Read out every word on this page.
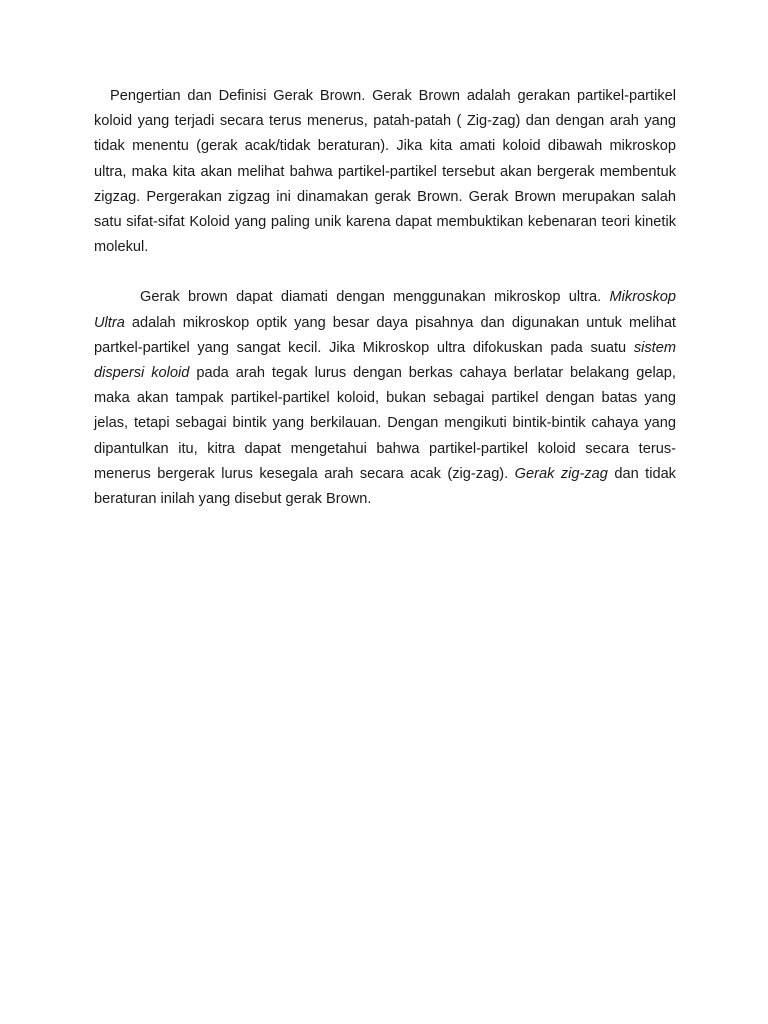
Pengertian dan Definisi Gerak Brown. Gerak Brown adalah gerakan partikel-partikel koloid yang terjadi secara terus menerus, patah-patah ( Zig-zag) dan dengan arah yang tidak menentu (gerak acak/tidak beraturan). Jika kita amati koloid dibawah mikroskop ultra, maka kita akan melihat bahwa partikel-partikel tersebut akan bergerak membentuk zigzag. Pergerakan zigzag ini dinamakan gerak Brown. Gerak Brown merupakan salah satu sifat-sifat Koloid yang paling unik karena dapat membuktikan kebenaran teori kinetik molekul.

Gerak brown dapat diamati dengan menggunakan mikroskop ultra. Mikroskop Ultra adalah mikroskop optik yang besar daya pisahnya dan digunakan untuk melihat partkel-partikel yang sangat kecil. Jika Mikroskop ultra difokuskan pada suatu sistem dispersi koloid pada arah tegak lurus dengan berkas cahaya berlatar belakang gelap, maka akan tampak partikel-partikel koloid, bukan sebagai partikel dengan batas yang jelas, tetapi sebagai bintik yang berkilauan. Dengan mengikuti bintik-bintik cahaya yang dipantulkan itu, kitra dapat mengetahui bahwa partikel-partikel koloid secara terus-menerus bergerak lurus kesegala arah secara acak (zig-zag). Gerak zig-zag dan tidak beraturan inilah yang disebut gerak Brown.
